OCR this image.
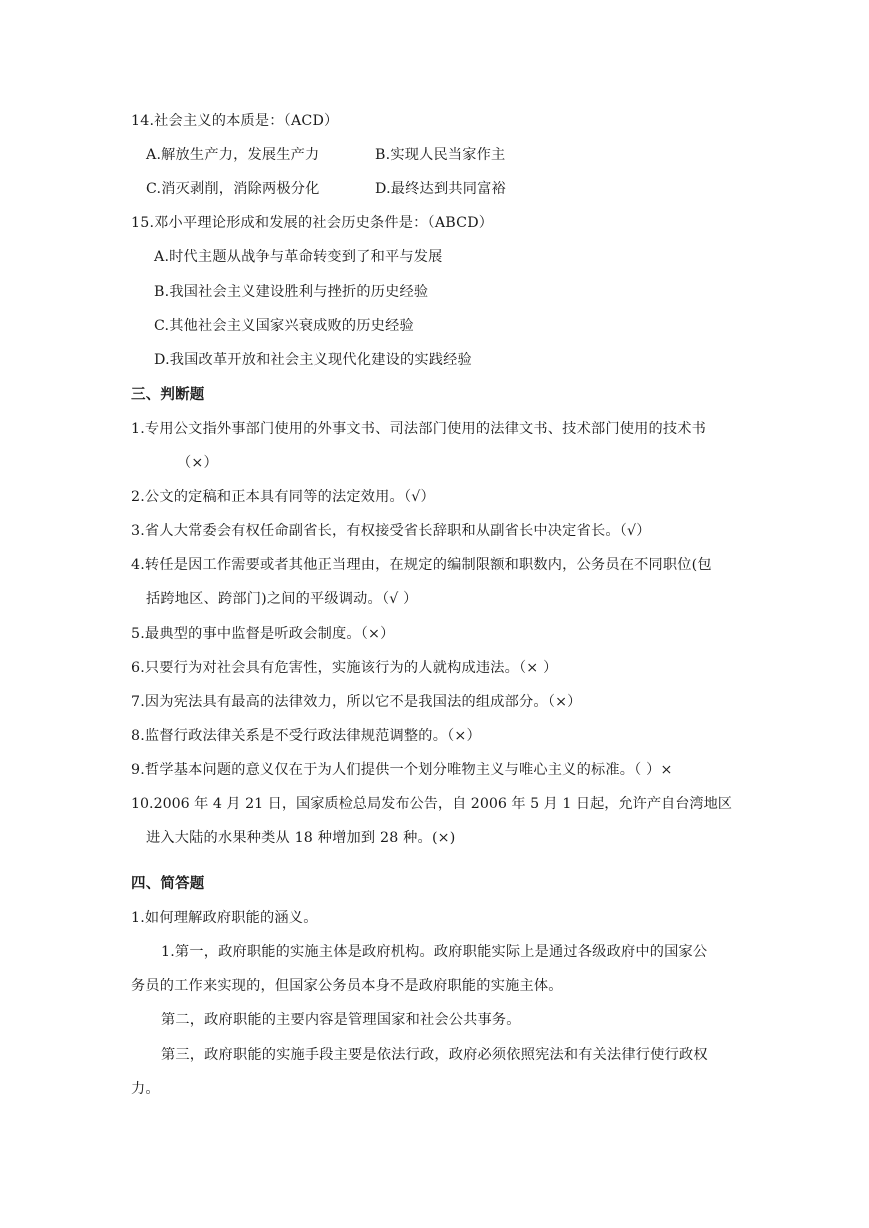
14.社会主义的本质是：（ACD）
A.解放生产力，发展生产力	B.实现人民当家作主
C.消灭剥削，消除两极分化	D.最终达到共同富裕
15.邓小平理论形成和发展的社会历史条件是：（ABCD）
A.时代主题从战争与革命转变到了和平与发展
B.我国社会主义建设胜利与挫折的历史经验
C.其他社会主义国家兴衰成败的历史经验
D.我国改革开放和社会主义现代化建设的实践经验
三、判断题
1.专用公文指外事部门使用的外事文书、司法部门使用的法律文书、技术部门使用的技术书
（×）
2.公文的定稿和正本具有同等的法定效用。（√）
3.省人大常委会有权任命副省长，有权接受省长辞职和从副省长中决定省长。（√）
4.转任是因工作需要或者其他正当理由，在规定的编制限额和职数内，公务员在不同职位(包
括跨地区、跨部门)之间的平级调动。（√ ）
5.最典型的事中监督是听政会制度。（×）
6.只要行为对社会具有危害性，实施该行为的人就构成违法。（× ）
7.因为宪法具有最高的法律效力，所以它不是我国法的组成部分。（×）
8.监督行政法律关系是不受行政法律规范调整的。（×）
9.哲学基本问题的意义仅在于为人们提供一个划分唯物主义与唯心主义的标准。（ ）×
10.2006 年 4 月 21 日，国家质检总局发布公告，自 2006 年 5 月 1 日起，允许产自台湾地区
进入大陆的水果种类从 18 种增加到 28 种。(×)
四、简答题
1.如何理解政府职能的涵义。
1.第一，政府职能的实施主体是政府机构。政府职能实际上是通过各级政府中的国家公
务员的工作来实现的，但国家公务员本身不是政府职能的实施主体。
第二，政府职能的主要内容是管理国家和社会公共事务。
第三，政府职能的实施手段主要是依法行政，政府必须依照宪法和有关法律行使行政权
力。
